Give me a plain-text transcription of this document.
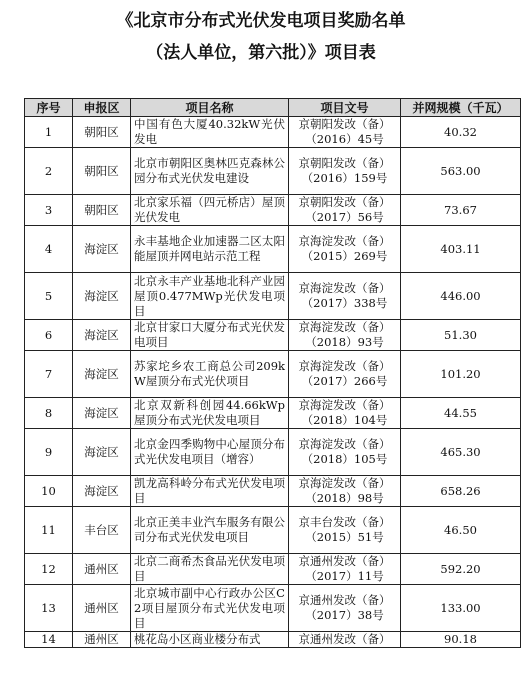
《北京市分布式光伏发电项目奖励名单
（法人单位，第六批）》项目表
序号	申报区	项目名称	项目文号	并网规模（千瓦）
1	朝阳区	中国有色大厦40.32kW光伏发电	京朝阳发改（备）
（2016）45号	40.32
2	朝阳区	北京市朝阳区奥林匹克森林公园分布式光伏发电建设	京朝阳发改（备）
（2016）159号	563.00
3	朝阳区	北京家乐福（四元桥店）屋顶光伏发电	京朝阳发改（备）
（2017）56号	73.67
4	海淀区	永丰基地企业加速器二区太阳能屋顶并网电站示范工程	京海淀发改（备）
（2015）269号	403.11
5	海淀区	北京永丰产业基地北科产业园屋顶0.477MWp光伏发电项目	京海淀发改（备）
（2017）338号	446.00
6	海淀区	北京甘家口大厦分布式光伏发电项目	京海淀发改（备）
（2018）93号	51.30
7	海淀区	苏家坨乡农工商总公司209kW屋顶分布式光伏项目	京海淀发改（备）
（2017）266号	101.20
8	海淀区	北京双新科创园44.66kWp屋顶分布式光伏发电项目	京海淀发改（备）
（2018）104号	44.55
9	海淀区	北京金四季购物中心屋顶分布式光伏发电项目（增容）	京海淀发改（备）
（2018）105号	465.30
10	海淀区	凯龙高科岭分布式光伏发电项目	京海淀发改（备）
（2018）98号	658.26
11	丰台区	北京正美丰业汽车服务有限公司分布式光伏发电项目	京丰台发改（备）
（2015）51号	46.50
12	通州区	北京二商希杰食品光伏发电项目	京通州发改（备）
（2017）11号	592.20
13	通州区	北京城市副中心行政办公区C2项目屋顶分布式光伏发电项目	京通州发改（备）
（2017）38号	133.00
14	通州区	桃花岛小区商业楼分布式	京通州发改（备）	90.18
